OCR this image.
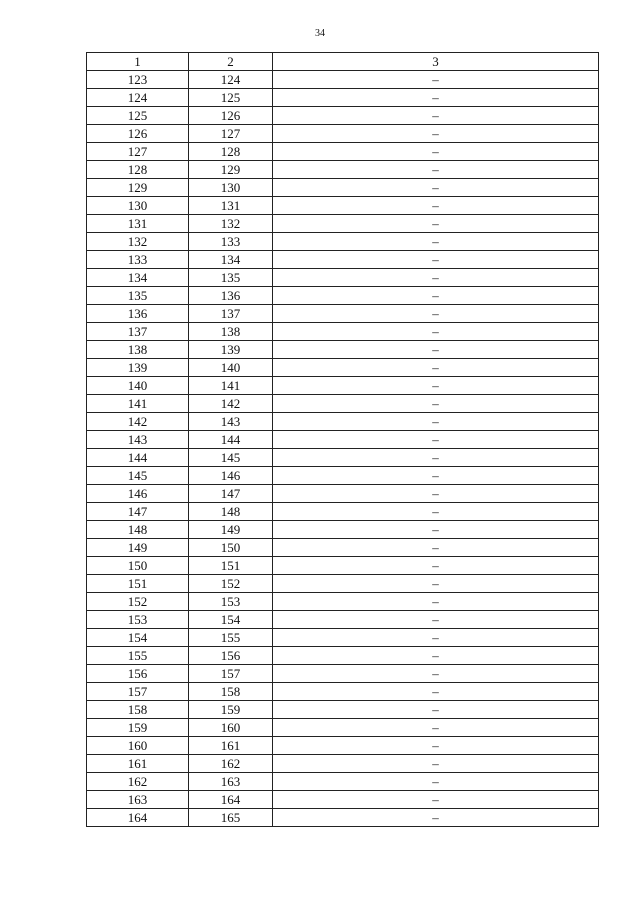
34
1	2	3
123	124	–
124	125	–
125	126	–
126	127	–
127	128	–
128	129	–
129	130	–
130	131	–
131	132	–
132	133	–
133	134	–
134	135	–
135	136	–
136	137	–
137	138	–
138	139	–
139	140	–
140	141	–
141	142	–
142	143	–
143	144	–
144	145	–
145	146	–
146	147	–
147	148	–
148	149	–
149	150	–
150	151	–
151	152	–
152	153	–
153	154	–
154	155	–
155	156	–
156	157	–
157	158	–
158	159	–
159	160	–
160	161	–
161	162	–
162	163	–
163	164	–
164	165	–
